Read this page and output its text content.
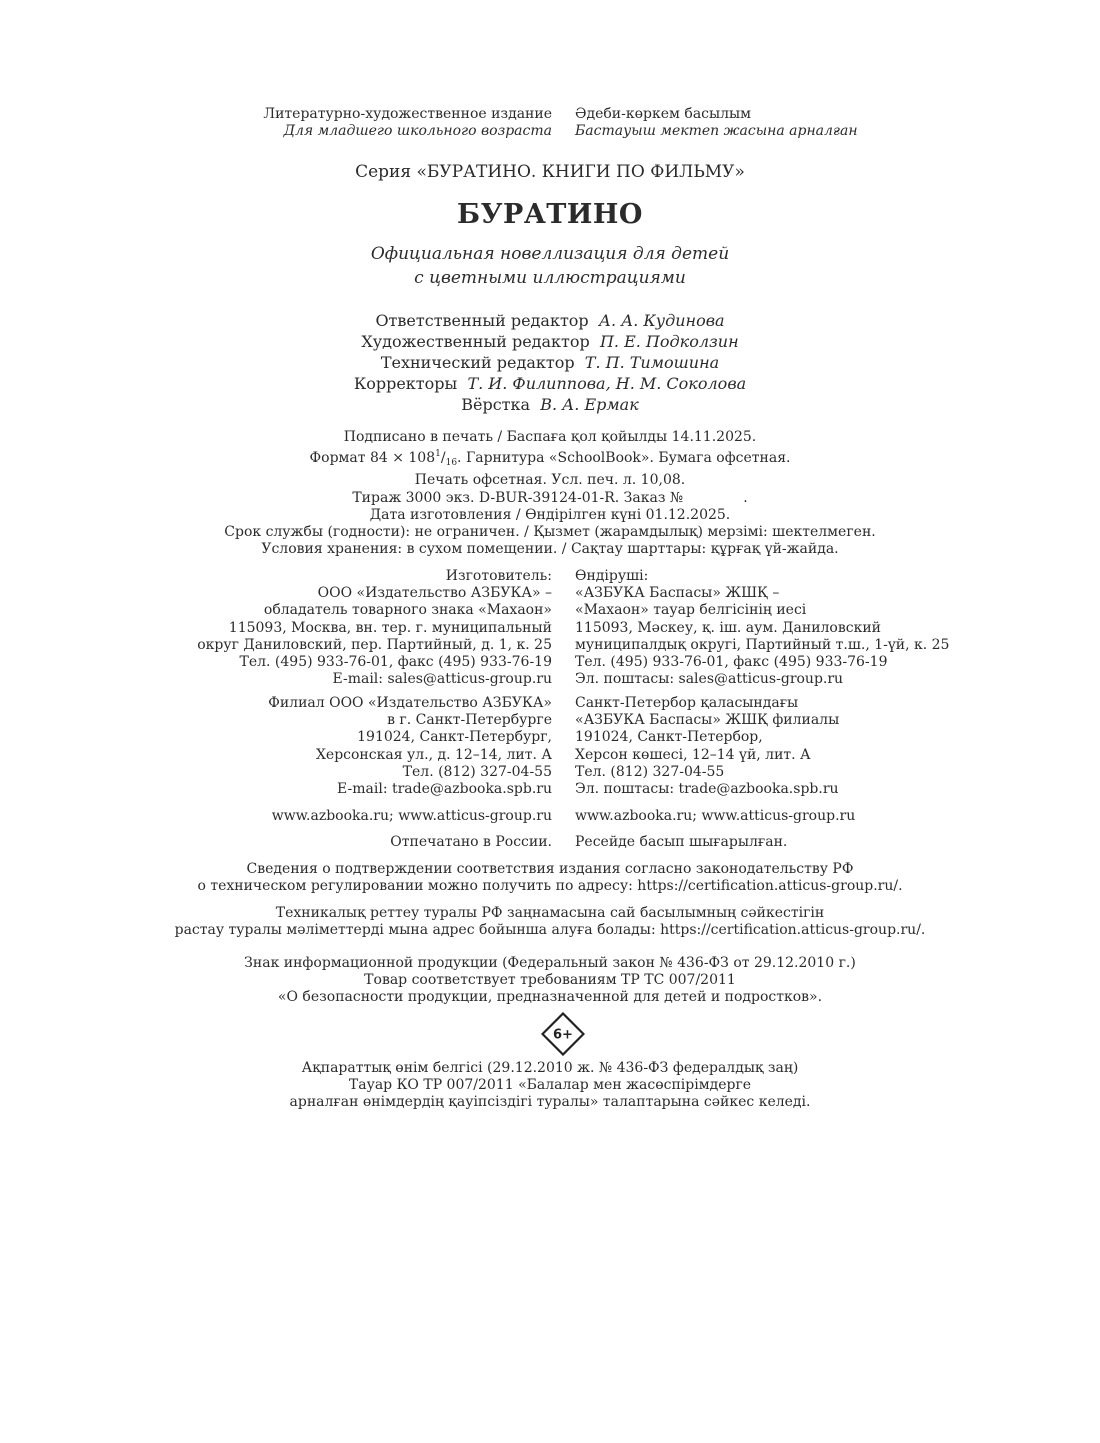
Литературно-художественное издание
Для младшего школьного возраста
Әдеби-көркем басылым
Бастауыш мектеп жасына арналған
Серия «БУРАТИНО. КНИГИ ПО ФИЛЬМУ»
БУРАТИНО
Официальная новеллизация для детей
с цветными иллюстрациями
Ответственный редактор А. А. Кудинова
Художественный редактор П. Е. Подколзин
Технический редактор Т. П. Тимошина
Корректоры Т. И. Филиппова, Н. М. Соколова
Вёрстка В. А. Ермак
Подписано в печать / Баспаға қол қойылды 14.11.2025.
Формат $84 \times 108^1/_{16}$. Гарнитура «SchoolBook». Бумага офсетная.
Печать офсетная. Усл. печ. л. 10,08.
Тираж 3000 экз. D-BUR-39124-01-R. Заказ №	.
Дата изготовления / Өндірілген күні 01.12.2025.
Срок службы (годности): не ограничен. / Қызмет (жарамдылық) мерзімі: шектелмеген.
Условия хранения: в сухом помещении. / Сақтау шарттары: құрғақ үй-жайда.
Изготовитель:
ООО «Издательство АЗБУКА» –
обладатель товарного знака «Махаон»
115093, Москва, вн. тер. г. муниципальный
округ Даниловский, пер. Партийный, д. 1, к. 25
Тел. (495) 933-76-01, факс (495) 933-76-19
E-mail: sales@atticus-group.ru
Өндіруші:
«АЗБУКА Баспасы» ЖШҚ –
«Махаон» тауар белгісінің иесі
115093, Мәскеу, қ. іш. аум. Даниловский
муниципалдық округі, Партийный т.ш., 1-үй, к. 25
Тел. (495) 933-76-01, факс (495) 933-76-19
Эл. поштасы: sales@atticus-group.ru
Филиал ООО «Издательство АЗБУКА»
в г. Санкт-Петербурге
191024, Санкт-Петербург,
Херсонская ул., д. 12–14, лит. А
Тел. (812) 327-04-55
E-mail: trade@azbooka.spb.ru
Санкт-Петербор қаласындағы
«АЗБУКА Баспасы» ЖШҚ филиалы
191024, Санкт-Петербор,
Херсон көшесі, 12–14 үй, лит. А
Тел. (812) 327-04-55
Эл. поштасы: trade@azbooka.spb.ru
www.azbooka.ru; www.atticus-group.ru www.azbooka.ru; www.atticus-group.ru
Отпечатано в России. Ресейде басып шығарылған.
Сведения о подтверждении соответствия издания согласно законодательству РФ
о техническом регулировании можно получить по адресу: https://certification.atticus-group.ru/.
Техникалық реттеу туралы РФ заңнамасына сай басылымның сәйкестігін
растау туралы мәліметтерді мына адрес бойынша алуға болады: https://certification.atticus-group.ru/.
Знак информационной продукции (Федеральный закон № 436-ФЗ от 29.12.2010 г.)
Товар соответствует требованиям ТР ТС 007/2011
«О безопасности продукции, предназначенной для детей и подростков».
6+
Ақпараттық өнім белгісі (29.12.2010 ж. № 436-ФЗ федералдық заң)
Тауар КО ТР 007/2011 «Балалар мен жасөспірімдерге
арналған өнімдердің қауіпсіздігі туралы» талаптарына сәйкес келеді.
